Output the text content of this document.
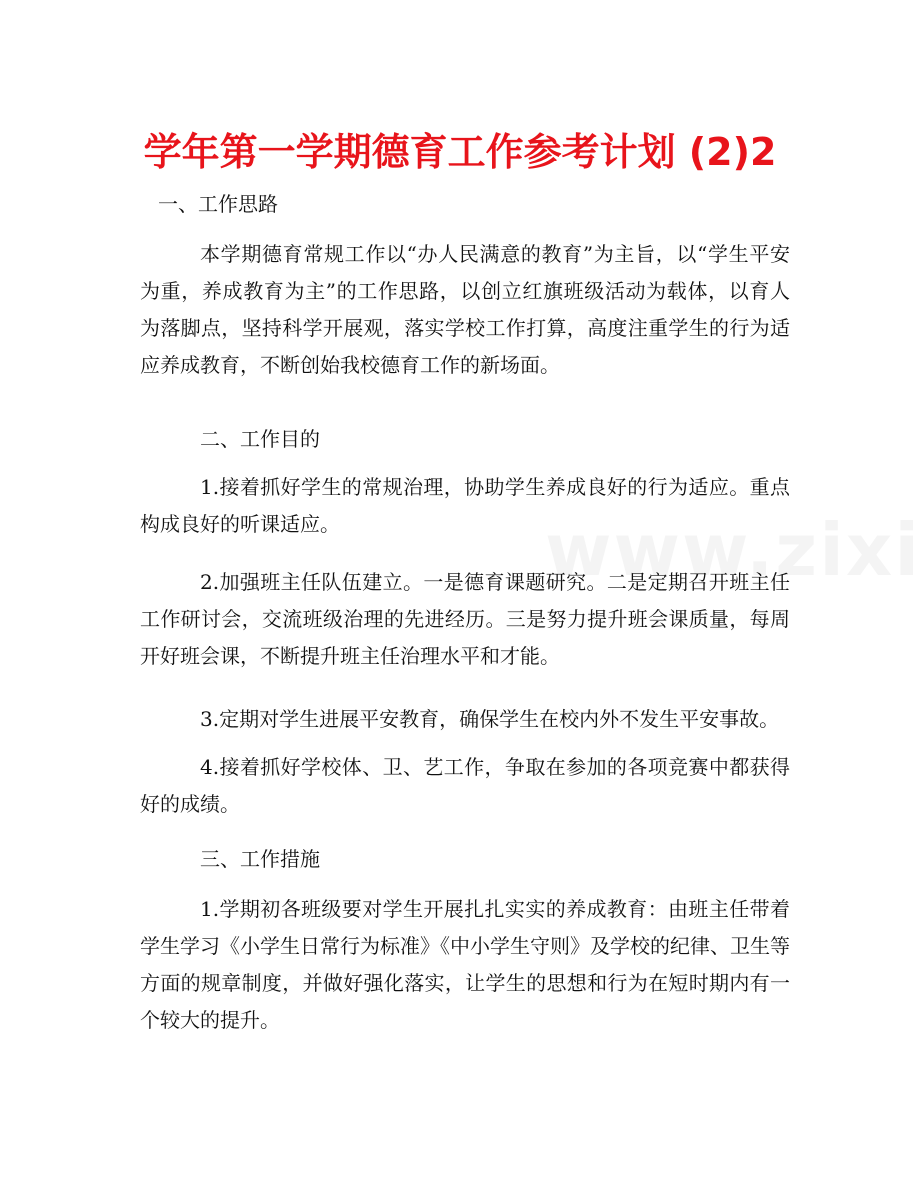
学年第一学期德育工作参考计划 (2)2
一、工作思路
本学期德育常规工作以“办人民满意的教育”为主旨，以“学生平安为重，养成教育为主”的工作思路，以创立红旗班级活动为载体，以育人为落脚点，坚持科学开展观，落实学校工作打算，高度注重学生的行为适应养成教育，不断创始我校德育工作的新场面。
二、工作目的
1.接着抓好学生的常规治理，协助学生养成良好的行为适应。重点构成良好的听课适应。
2.加强班主任队伍建立。一是德育课题研究。二是定期召开班主任工作研讨会，交流班级治理的先进经历。三是努力提升班会课质量，每周开好班会课，不断提升班主任治理水平和才能。
3.定期对学生进展平安教育，确保学生在校内外不发生平安事故。
4.接着抓好学校体、卫、艺工作，争取在参加的各项竞赛中都获得好的成绩。
三、工作措施
1.学期初各班级要对学生开展扎扎实实的养成教育：由班主任带着学生学习《小学生日常行为标准》《中小学生守则》及学校的纪律、卫生等方面的规章制度，并做好强化落实，让学生的思想和行为在短时期内有一个较大的提升。
